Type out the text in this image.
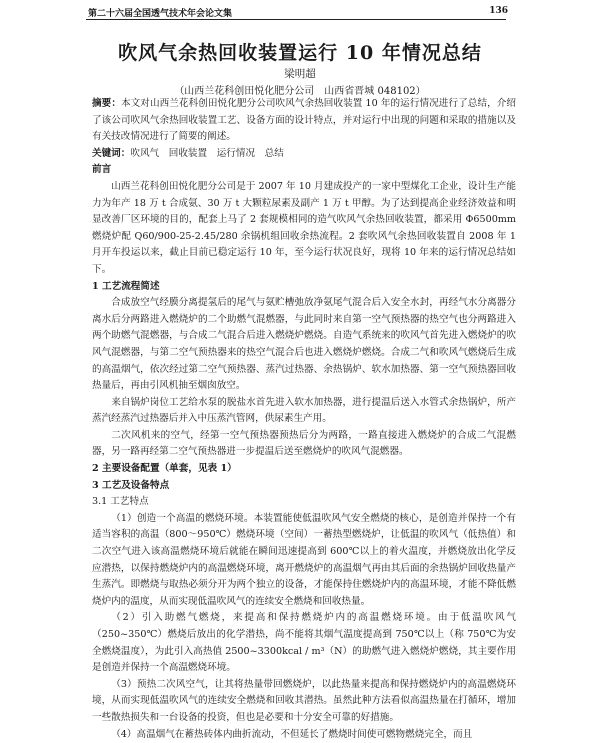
第二十六届全国透气技术年会论文集	136
吹风气余热回收装置运行 10 年情况总结
梁明超
（山西兰花科创田悦化肥分公司　山西省晋城 048102）

摘要：本文对山西兰花科创田悦化肥分公司吹风气余热回收装置 10 年的运行情况进行了总结，介绍了该公司吹风气余热回收装置工艺、设备方面的设计特点，并对运行中出现的问题和采取的措施以及有关技改情况进行了简要的阐述。

关键词：吹风气　回收装置　运行情况　总结

前言

山西兰花科创田悦化肥分公司是于 2007 年 10 月建成投产的一家中型煤化工企业，设计生产能力为年产 18 万 t 合成氨、30 万 t 大颗粒尿素及副产 1 万 t 甲醇。为了达到提高企业经济效益和明显改善厂区环境的目的，配套上马了 2 套规模相同的造气吹风气余热回收装置，都采用 Φ6500mm 燃烧炉配 Q60/900-25-2.45/280 余锅机组回收余热流程。2 套吹风气余热回收装置自 2008 年 1 月开车投运以来，截止目前已稳定运行 10 年，至今运行状况良好，现将 10 年来的运行情况总结如下。

1 工艺流程简述

合成放空气经膜分离提氢后的尾气与氨贮槽弛放净氨尾气混合后入安全水封，再经气水分离器分离水后分两路进入燃烧炉的二个助燃气混燃器，与此同时来自第一空气预热器的热空气也分两路进入两个助燃气混燃器，与合成二气混合后进入燃烧炉燃烧。自造气系统来的吹风气首先进入燃烧炉的吹风气混燃器，与第二空气预热器来的热空气混合后也进入燃烧炉燃烧。合成二气和吹风气燃烧后生成的高温烟气，依次经过第二空气预热器、蒸汽过热器、余热锅炉、软水加热器、第一空气预热器回收热量后，再由引风机抽至烟囱放空。

来自锅炉岗位工艺给水泵的脱盐水首先进入软水加热器，进行提温后送入水管式余热锅炉，所产蒸汽经蒸汽过热器后并入中压蒸汽管网，供尿素生产用。

二次风机来的空气，经第一空气预热器预热后分为两路，一路直接进入燃烧炉的合成二气混燃器，另一路再经第二空气预热器进一步提温后送至燃烧炉的吹风气混燃器。

2 主要设备配置（单套，见表 1）

3 工艺及设备特点

3.1 工艺特点

（1）创造一个高温的燃烧环境。本装置能使低温吹风气安全燃烧的核心，是创造并保持一个有适当容积的高温（800～950℃）燃烧环境（空间）一蓄热型燃烧炉，让低温的吹风气（低热值）和二次空气进入该高温燃烧环境后就能在瞬间迅速提高到 600℃以上的着火温度，并燃烧放出化学反应潜热，以保持燃烧炉内的高温燃烧环境，离开燃烧炉的高温烟气再由其后面的余热锅炉回收热量产生蒸汽。即燃烧与取热必须分开为两个独立的设备，才能保持住燃烧炉内的高温环境，才能不降低燃烧炉内的温度，从而实现低温吹风气的连续安全燃烧和回收热量。

（2）引入助燃气燃烧，来提高和保持燃烧炉内的高温燃烧环境。由于低温吹风气（250~350℃）燃烧后放出的化学潜热，尚不能将其烟气温度提高到 750℃以上（称 750℃为安全燃烧温度），为此引入高热值 2500~3300kcal / m³（N）的助燃气进入燃烧炉燃烧，其主要作用是创造并保持一个高温燃烧环境。

（3）预热二次风空气，让其将热量带回燃烧炉，以此热量来提高和保持燃烧炉内的高温燃烧环境，从而实现低温吹风气的连续安全燃烧和回收其潜热。虽然此种方法看似高温热量在打循环，增加一些散热损失和一台设备的投资，但也是必要和十分安全可靠的好措施。

（4）高温烟气在蓄热砖体内曲折流动，不但延长了燃烧时间使可燃物燃烧完全，而且
